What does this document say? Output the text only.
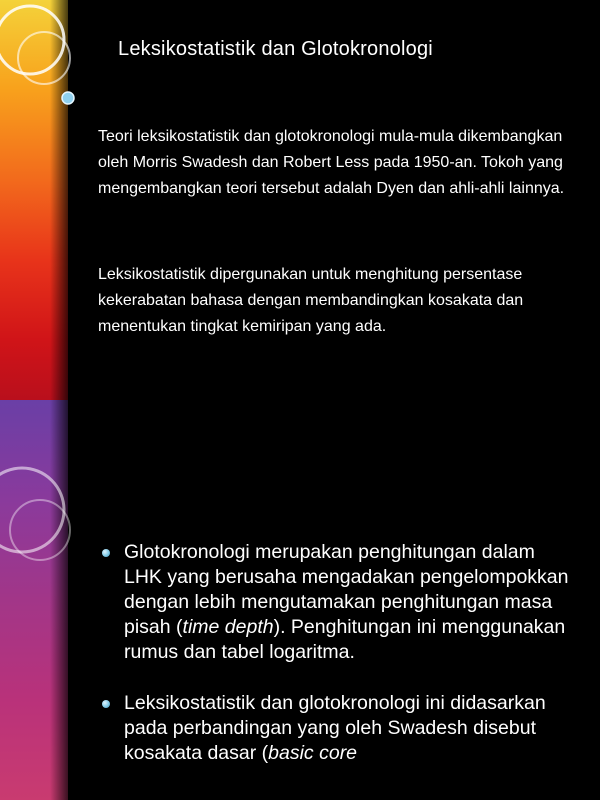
Leksikostatistik dan Glotokronologi

Teori leksikostatistik dan glotokronologi mula-mula dikembangkan oleh Morris Swadesh dan Robert Less pada 1950-an. Tokoh yang mengembangkan teori tersebut adalah Dyen dan ahli-ahli lainnya.

Leksikostatistik dipergunakan untuk menghitung persentase kekerabatan bahasa dengan membandingkan kosakata dan menentukan tingkat kemiripan yang ada.

Glotokronologi merupakan penghitungan dalam LHK yang berusaha mengadakan pengelompokkan dengan lebih mengutamakan penghitungan masa pisah (time depth). Penghitungan ini menggunakan rumus dan tabel logaritma.
Leksikostatistik dan glotokronologi ini didasarkan pada perbandingan yang oleh Swadesh disebut kosakata dasar (basic core
